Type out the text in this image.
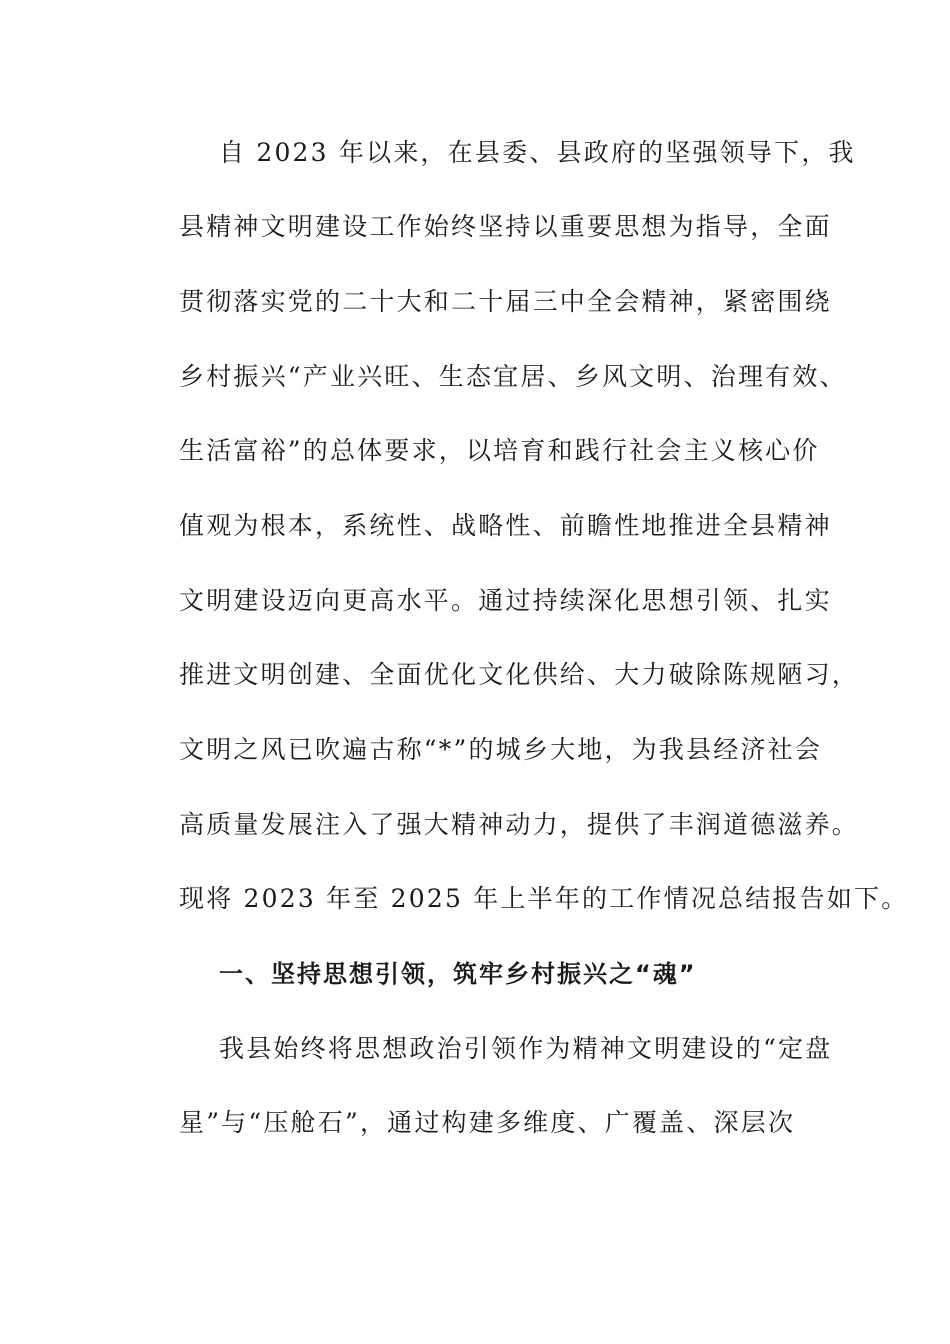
自 2023 年以来，在县委、县政府的坚强领导下，我
县精神文明建设工作始终坚持以重要思想为指导，全面
贯彻落实党的二十大和二十届三中全会精神，紧密围绕
乡村振兴“产业兴旺、生态宜居、乡风文明、治理有效、
生活富裕”的总体要求，以培育和践行社会主义核心价
值观为根本，系统性、战略性、前瞻性地推进全县精神
文明建设迈向更高水平。通过持续深化思想引领、扎实
推进文明创建、全面优化文化供给、大力破除陈规陋习，
文明之风已吹遍古称“*”的城乡大地，为我县经济社会
高质量发展注入了强大精神动力，提供了丰润道德滋养。
现将 2023 年至 2025 年上半年的工作情况总结报告如下。
一、坚持思想引领，筑牢乡村振兴之“魂”
我县始终将思想政治引领作为精神文明建设的“定盘
星”与“压舱石”，通过构建多维度、广覆盖、深层次
